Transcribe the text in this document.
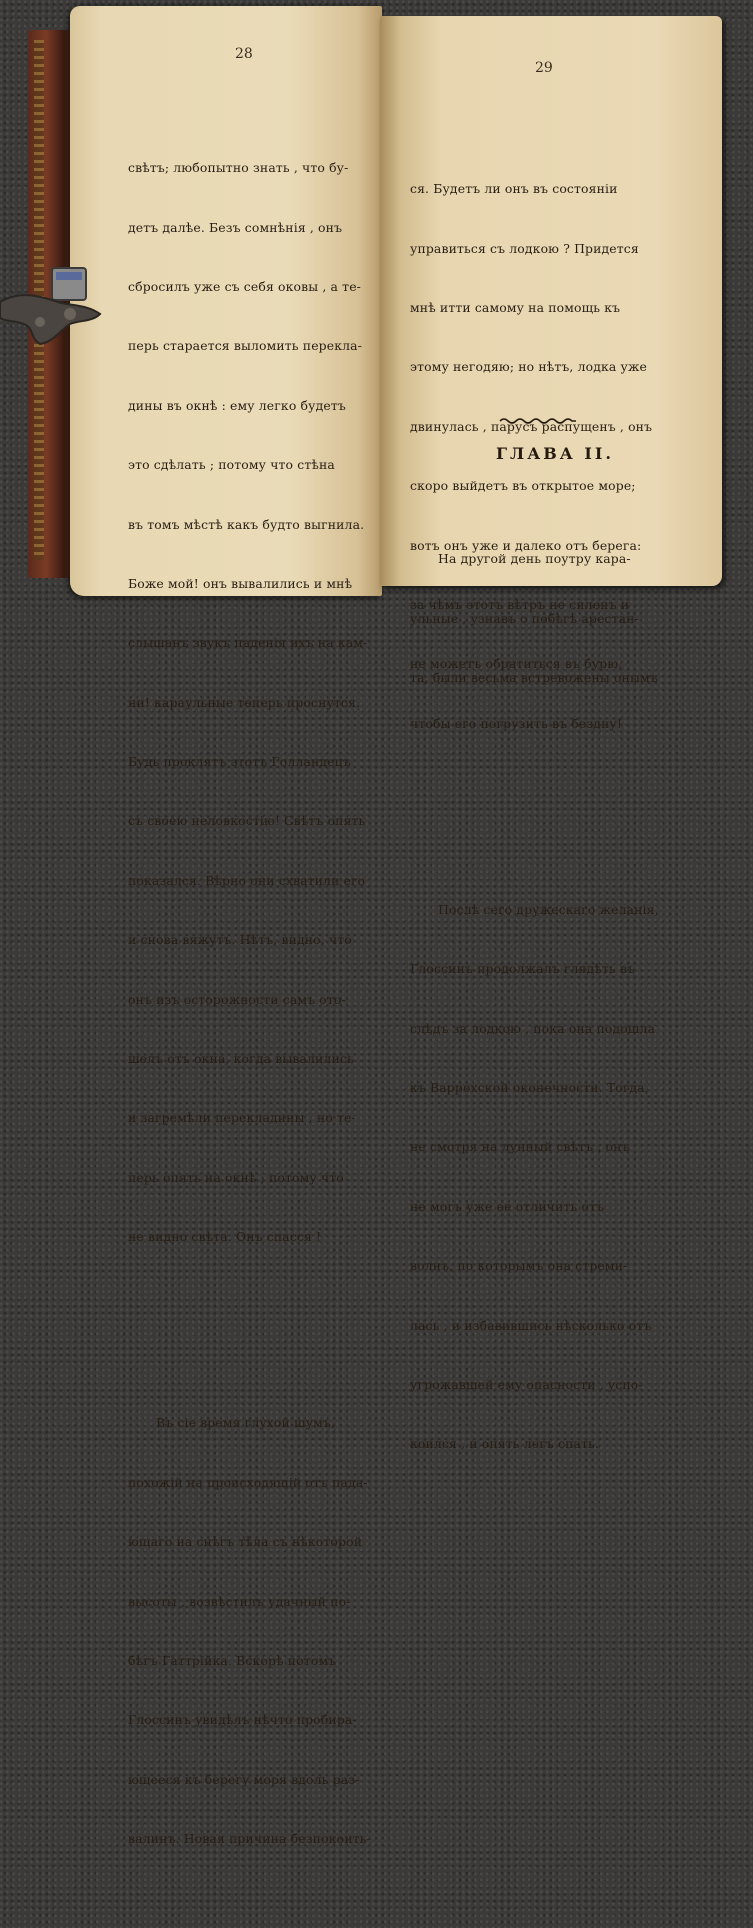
28

свѣтъ; любопытно знать , что бу-

детъ далѣе. Безъ сомнѣнія , онъ

сбросилъ уже съ себя оковы , а те-

перь старается выломить перекла-

дины въ окнѣ : ему легко будетъ

это сдѣлать ; потому что стѣна

въ томъ мѣстѣ какъ будто выгнила.

Боже мой! онъ вывалились и мнѣ

слышанъ звукъ паденія ихъ на кам-

ни! караульные теперь проснутся.

Будь проклятъ этотъ Голландецъ

съ своею неловкостію! Свѣтъ опять

показался. Вѣрно они схватили его

и снова вяжутъ. Нѣтъ, видно, что

онъ изъ осторожности самъ ото-

шелъ отъ окна, когда вывалились

и загремѣли перекладины , но те-

перь опять на окнѣ ; потому что

не видно свѣта. Онъ спасся !

Въ сіе время глухой шумъ,

похожій на происходящій отъ пада-

ющаго на снѣгъ тѣла съ нѣкоторой

высоты , возвѣстилъ удачный по-

бѣгъ Гаттрійка. Вскорѣ потомъ

Глоссинъ увидѣлъ нѣчто пробира-

ющееся къ берегу моря вдоль раз-

валинъ. Новая причина безпокоить-

29

ся. Будетъ ли онъ въ состояніи

управиться съ лодкою ? Придется

мнѣ итти самому на помощь къ

этому негодяю; но нѣтъ, лодка уже

двинулась , парусъ распущенъ , онъ

скоро выйдетъ въ открытое море;

вотъ онъ уже и далеко отъ берега:

за чѣмъ этотъ вѣтръ не силенъ и

не можетъ обратиться въ бурю,

чтобы его погрузить въ бездну!

Послѣ сего дружескаго желанія,

Глоссинъ продолжалъ глядѣть въ

слѣдъ за лодкою , пока она подошла

къ Варрохской оконечности. Тогда,

не смотря на лунный свѣтъ , онъ

не могъ уже ее отличить отъ

волнъ, по которымъ она стреми-

лась , и избавившись нѣсколько отъ

угрожавшей ему опасности , успо-

коился , и опять легъ спать.

ГЛАВА II.

На другой день поутру кара-

ульные , узнавъ о побѣгѣ арестан-

та, были весьма встревожены онымъ
